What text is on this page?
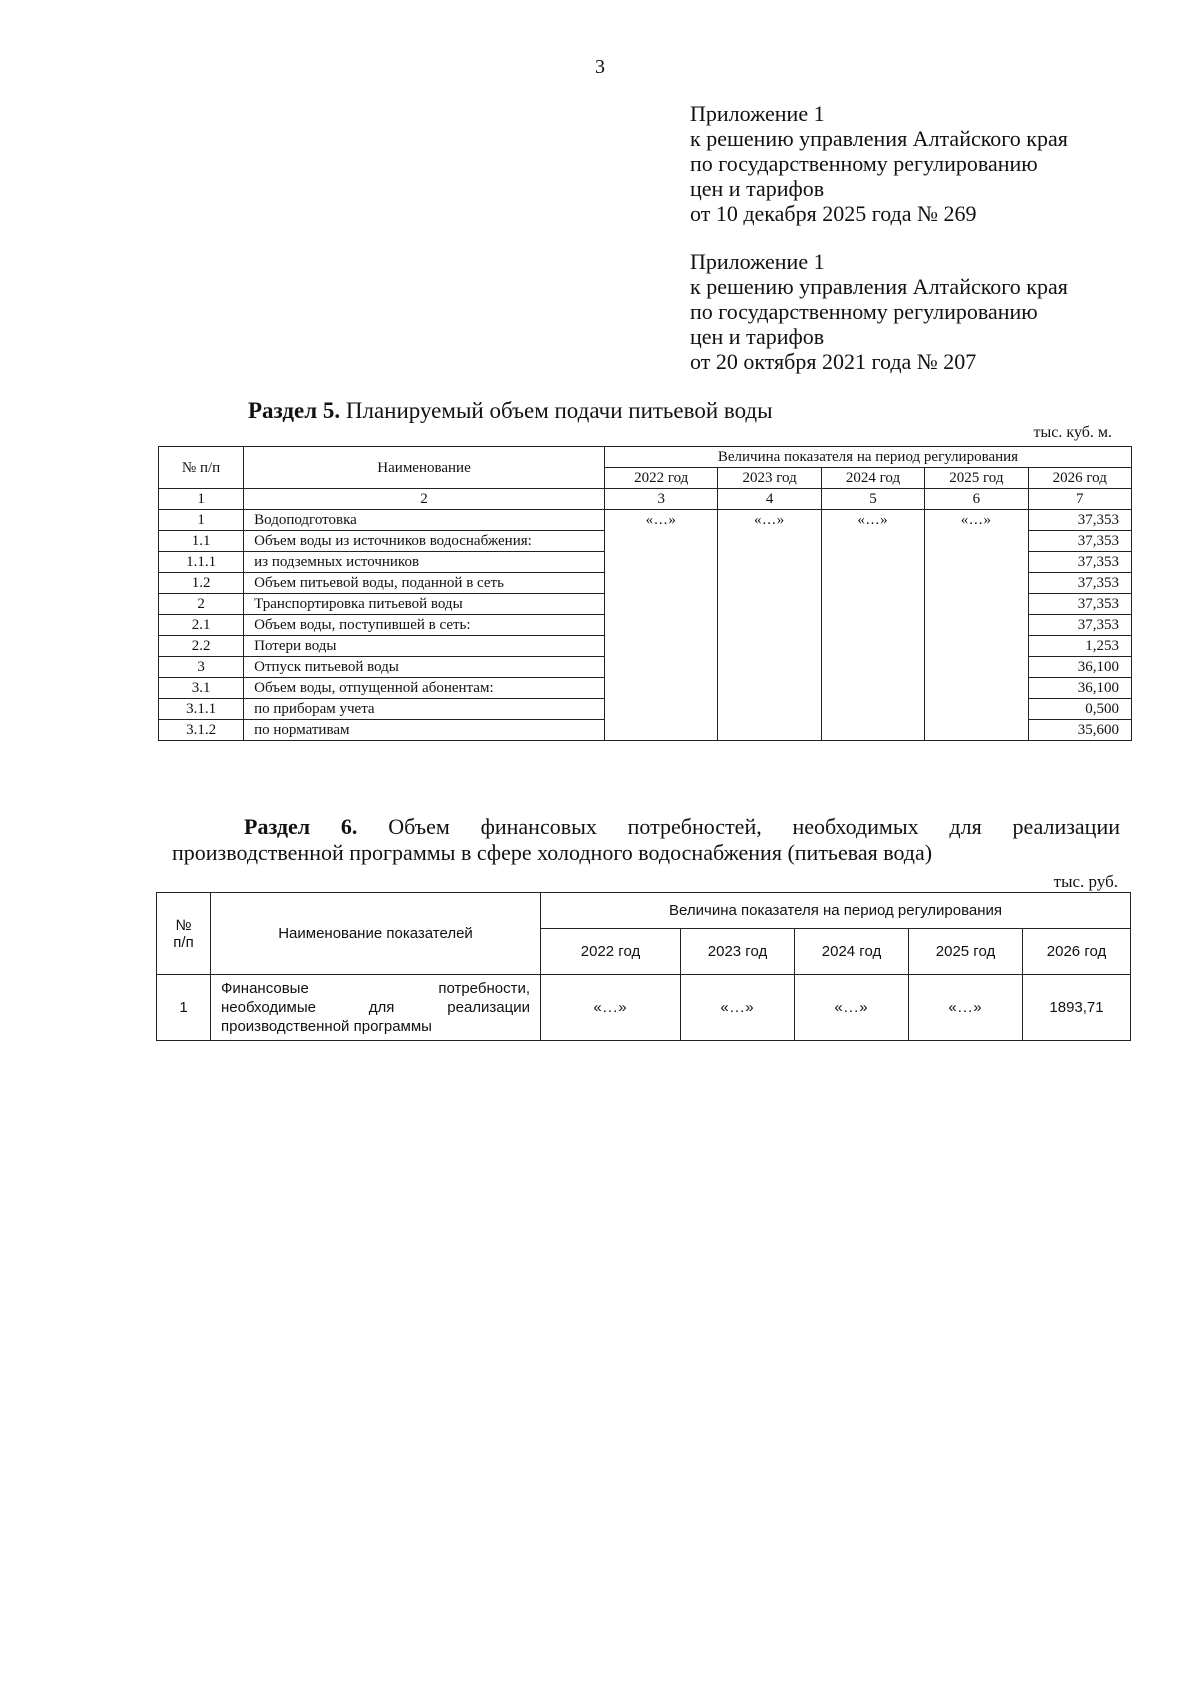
3
Приложение 1
к решению управления Алтайского края
по государственному регулированию
цен и тарифов
от 10 декабря 2025 года № 269
Приложение 1
к решению управления Алтайского края
по государственному регулированию
цен и тарифов
от 20 октября 2021 года № 207
Раздел 5. Планируемый объем подачи питьевой воды
тыс. куб. м.
№ п/п	Наименование	Величина показателя на период регулирования				
		2022 год	2023 год	2024 год	2025 год	2026 год
1	2	3	4	5	6	7
1	Водоподготовка	«...»	«...»	«...»	«...»	37,353
1.1	Объем воды из источников водоснабжения:					37,353
1.1.1	из подземных источников					37,353
1.2	Объем питьевой воды, поданной в сеть					37,353
2	Транспортировка питьевой воды					37,353
2.1	Объем воды, поступившей в сеть:					37,353
2.2	Потери воды					1,253
3	Отпуск питьевой воды					36,100
3.1	Объем воды, отпущенной абонентам:					36,100
3.1.1	по приборам учета					0,500
3.1.2	по нормативам					35,600
Раздел 6. Объем финансовых потребностей, необходимых для реализации
производственной программы в сфере холодного водоснабжения (питьевая вода)
тыс. руб.
№
п/п	Наименование показателей	Величина показателя на период регулирования				
		2022 год	2023 год	2024 год	2025 год	2026 год
1	Финансовые потребности,
необходимые для реализации
производственной программы	«...»	«...»	«...»	«...»	1893,71
